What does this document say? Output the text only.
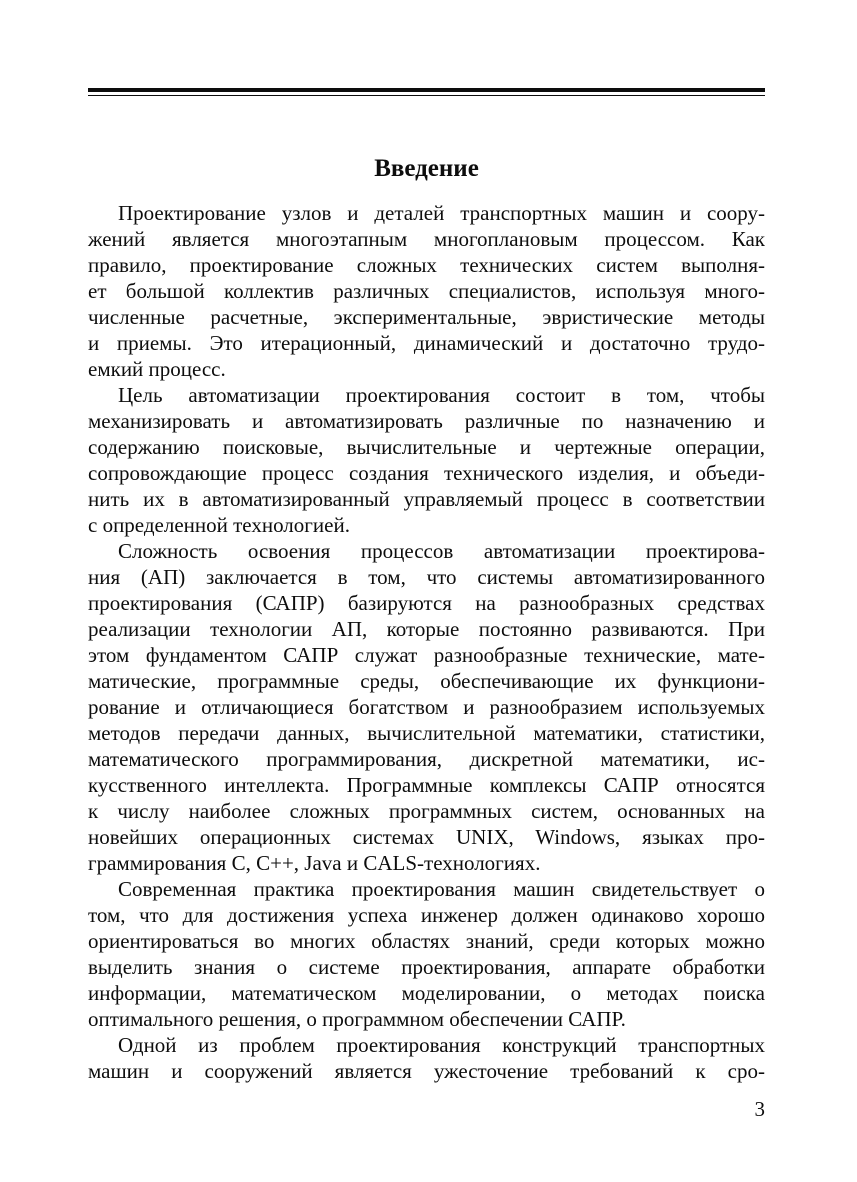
Введение
Проектирование узлов и деталей транспортных машин и соору-
жений является многоэтапным многоплановым процессом. Как
правило, проектирование сложных технических систем выполня-
ет большой коллектив различных специалистов, используя много-
численные расчетные, экспериментальные, эвристические методы
и приемы. Это итерационный, динамический и достаточно трудо-
емкий процесс.
Цель автоматизации проектирования состоит в том, чтобы
механизировать и автоматизировать различные по назначению и
содержанию поисковые, вычислительные и чертежные операции,
сопровождающие процесс создания технического изделия, и объеди-
нить их в автоматизированный управляемый процесс в соответствии
с определенной технологией.
Сложность освоения процессов автоматизации проектирова-
ния (АП) заключается в том, что системы автоматизированного
проектирования (САПР) базируются на разнообразных средствах
реализации технологии АП, которые постоянно развиваются. При
этом фундаментом САПР служат разнообразные технические, мате-
матические, программные среды, обеспечивающие их функциони-
рование и отличающиеся богатством и разнообразием используемых
методов передачи данных, вычислительной математики, статистики,
математического программирования, дискретной математики, ис-
кусственного интеллекта. Программные комплексы САПР относятся
к числу наиболее сложных программных систем, основанных на
новейших операционных системах UNIX, Windows, языках про-
граммирования C, C++, Java и CALS-технологиях.
Современная практика проектирования машин свидетельствует о
том, что для достижения успеха инженер должен одинаково хорошо
ориентироваться во многих областях знаний, среди которых можно
выделить знания о системе проектирования, аппарате обработки
информации, математическом моделировании, о методах поиска
оптимального решения, о программном обеспечении САПР.
Одной из проблем проектирования конструкций транспортных
машин и сооружений является ужесточение требований к сро-
3
